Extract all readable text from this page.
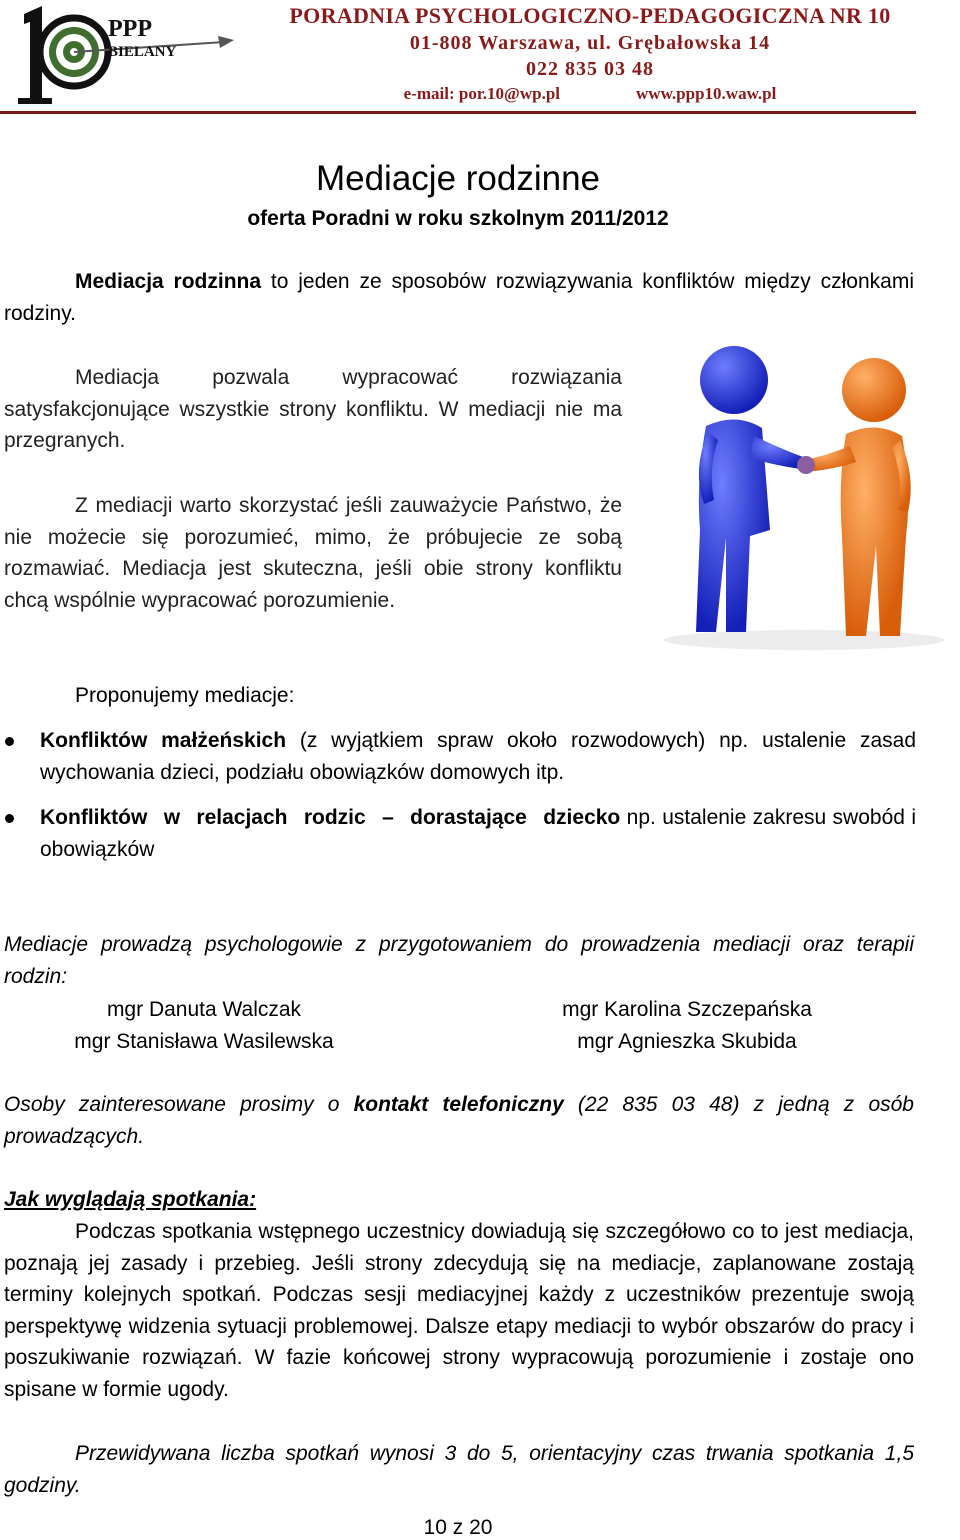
PPP
BIELANY
PORADNIA PSYCHOLOGICZNO-PEDAGOGICZNA NR 10
01-808 Warszawa, ul. Grębałowska 14
022 835 03 48
e-mail: por.10@wp.pl	www.ppp10.waw.pl
Mediacje rodzinne
oferta Poradni w roku szkolnym 2011/2012

Mediacja rodzinna to jeden ze sposobów rozwiązywania konfliktów między członkami rodziny.

Mediacja pozwala wypracować rozwiązania satysfakcjonujące wszystkie strony konfliktu. W mediacji nie ma przegranych.

Z mediacji warto skorzystać jeśli zauważycie Państwo, że nie możecie się porozumieć, mimo, że próbujecie ze sobą rozmawiać. Mediacja jest skuteczna, jeśli obie strony konfliktu chcą wspólnie wypracować porozumienie.

Proponujemy mediacje:

Konfliktów małżeńskich (z wyjątkiem spraw około rozwodowych) np. ustalenie zasad wychowania dzieci, podziału obowiązków domowych itp.
Konfliktów w relacjach rodzic – dorastające dziecko np. ustalenie zakresu swobód i obowiązków

Mediacje prowadzą psychologowie z przygotowaniem do prowadzenia mediacji oraz terapii rodzin:

mgr Danuta Walczak	mgr Karolina Szczepańska
mgr Stanisława Wasilewska	mgr Agnieszka Skubida

Osoby zainteresowane prosimy o kontakt telefoniczny (22 835 03 48) z jedną z osób prowadzących.

Jak wyglądają spotkania:

Podczas spotkania wstępnego uczestnicy dowiadują się szczegółowo co to jest mediacja, poznają jej zasady i przebieg. Jeśli strony zdecydują się na mediacje, zaplanowane zostają terminy kolejnych spotkań. Podczas sesji mediacyjnej każdy z uczestników prezentuje swoją perspektywę widzenia sytuacji problemowej. Dalsze etapy mediacji to wybór obszarów do pracy i poszukiwanie rozwiązań. W fazie końcowej strony wypracowują porozumienie i zostaje ono spisane w formie ugody.

Przewidywana liczba spotkań wynosi 3 do 5, orientacyjny czas trwania spotkania 1,5 godziny.

10 z 20
